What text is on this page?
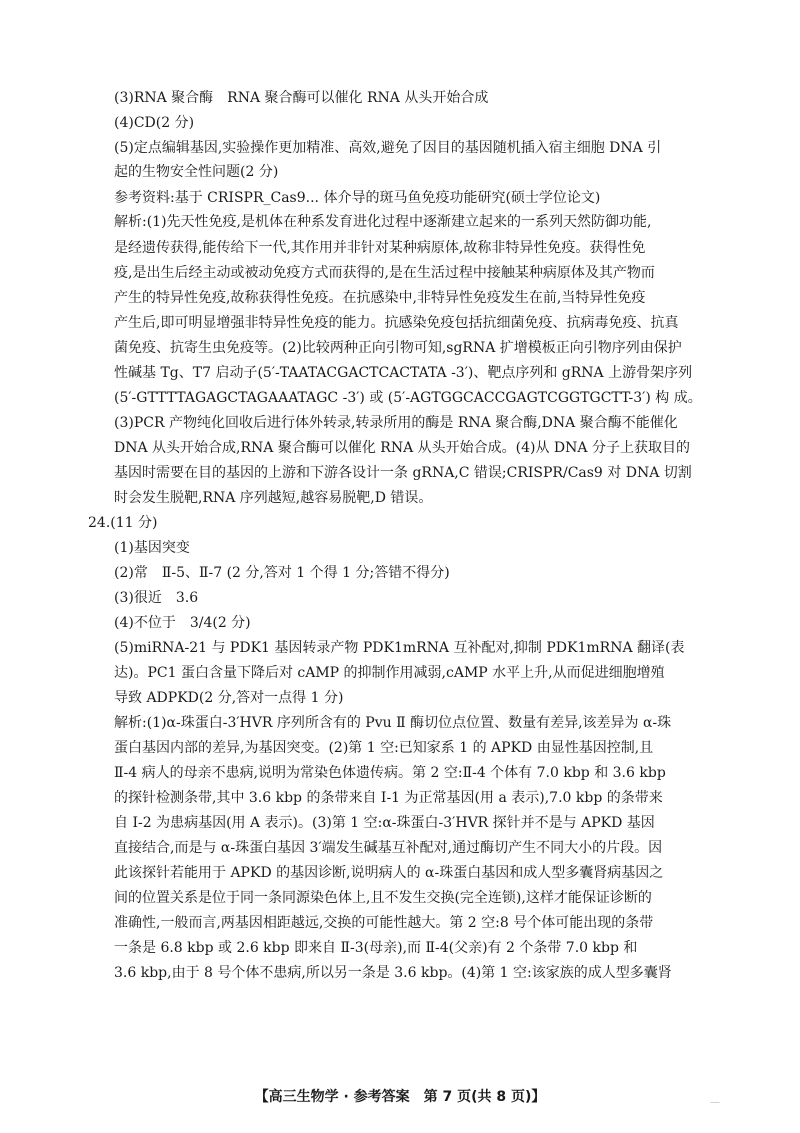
(3)RNA 聚合酶　RNA 聚合酶可以催化 RNA 从头开始合成
(4)CD(2 分)
(5)定点编辑基因,实验操作更加精准、高效,避免了因目的基因随机插入宿主细胞 DNA 引
起的生物安全性问题(2 分)
参考资料:基于 CRISPR_Cas9... 体介导的斑马鱼免疫功能研究(硕士学位论文)
解析:(1)先天性免疫,是机体在种系发育进化过程中逐渐建立起来的一系列天然防御功能,
是经遗传获得,能传给下一代,其作用并非针对某种病原体,故称非特异性免疫。获得性免
疫,是出生后经主动或被动免疫方式而获得的,是在生活过程中接触某种病原体及其产物而
产生的特异性免疫,故称获得性免疫。在抗感染中,非特异性免疫发生在前,当特异性免疫
产生后,即可明显增强非特异性免疫的能力。抗感染免疫包括抗细菌免疫、抗病毒免疫、抗真
菌免疫、抗寄生虫免疫等。(2)比较两种正向引物可知,sgRNA 扩增模板正向引物序列由保护
性碱基 Tg、T7 启动子(5′-TAATACGACTCACTATA -3′)、靶点序列和 gRNA 上游骨架序列
(5′-GTTTTAGAGCTAGAAATAGC -3′) 或 (5′-AGTGGCACCGAGTCGGTGCTT-3′) 构 成。
(3)PCR 产物纯化回收后进行体外转录,转录所用的酶是 RNA 聚合酶,DNA 聚合酶不能催化
DNA 从头开始合成,RNA 聚合酶可以催化 RNA 从头开始合成。(4)从 DNA 分子上获取目的
基因时需要在目的基因的上游和下游各设计一条 gRNA,C 错误;CRISPR/Cas9 对 DNA 切割
时会发生脱靶,RNA 序列越短,越容易脱靶,D 错误。
24.(11 分)
(1)基因突变
(2)常　Ⅱ-5、Ⅱ-7 (2 分,答对 1 个得 1 分;答错不得分)
(3)很近　3.6
(4)不位于　3/4(2 分)
(5)miRNA-21 与 PDK1 基因转录产物 PDK1mRNA 互补配对,抑制 PDK1mRNA 翻译(表
达)。PC1 蛋白含量下降后对 cAMP 的抑制作用减弱,cAMP 水平上升,从而促进细胞增殖
导致 ADPKD(2 分,答对一点得 1 分)
解析:(1)α-珠蛋白-3′HVR 序列所含有的 Pvu Ⅱ 酶切位点位置、数量有差异,该差异为 α-珠
蛋白基因内部的差异,为基因突变。(2)第 1 空:已知家系 1 的 APKD 由显性基因控制,且
Ⅱ-4 病人的母亲不患病,说明为常染色体遗传病。第 2 空:Ⅱ-4 个体有 7.0 kbp 和 3.6 kbp
的探针检测条带,其中 3.6 kbp 的条带来自 Ⅰ-1 为正常基因(用 a 表示),7.0 kbp 的条带来
自 Ⅰ-2 为患病基因(用 A 表示)。(3)第 1 空:α-珠蛋白-3′HVR 探针并不是与 APKD 基因
直接结合,而是与 α-珠蛋白基因 3′端发生碱基互补配对,通过酶切产生不同大小的片段。因
此该探针若能用于 APKD 的基因诊断,说明病人的 α-珠蛋白基因和成人型多囊肾病基因之
间的位置关系是位于同一条同源染色体上,且不发生交换(完全连锁),这样才能保证诊断的
准确性,一般而言,两基因相距越远,交换的可能性越大。第 2 空:8 号个体可能出现的条带
一条是 6.8 kbp 或 2.6 kbp 即来自 Ⅱ-3(母亲),而 Ⅱ-4(父亲)有 2 个条带 7.0 kbp 和
3.6 kbp,由于 8 号个体不患病,所以另一条是 3.6 kbp。(4)第 1 空:该家族的成人型多囊肾
【高三生物学 · 参考答案　第 7 页(共 8 页)】	—
